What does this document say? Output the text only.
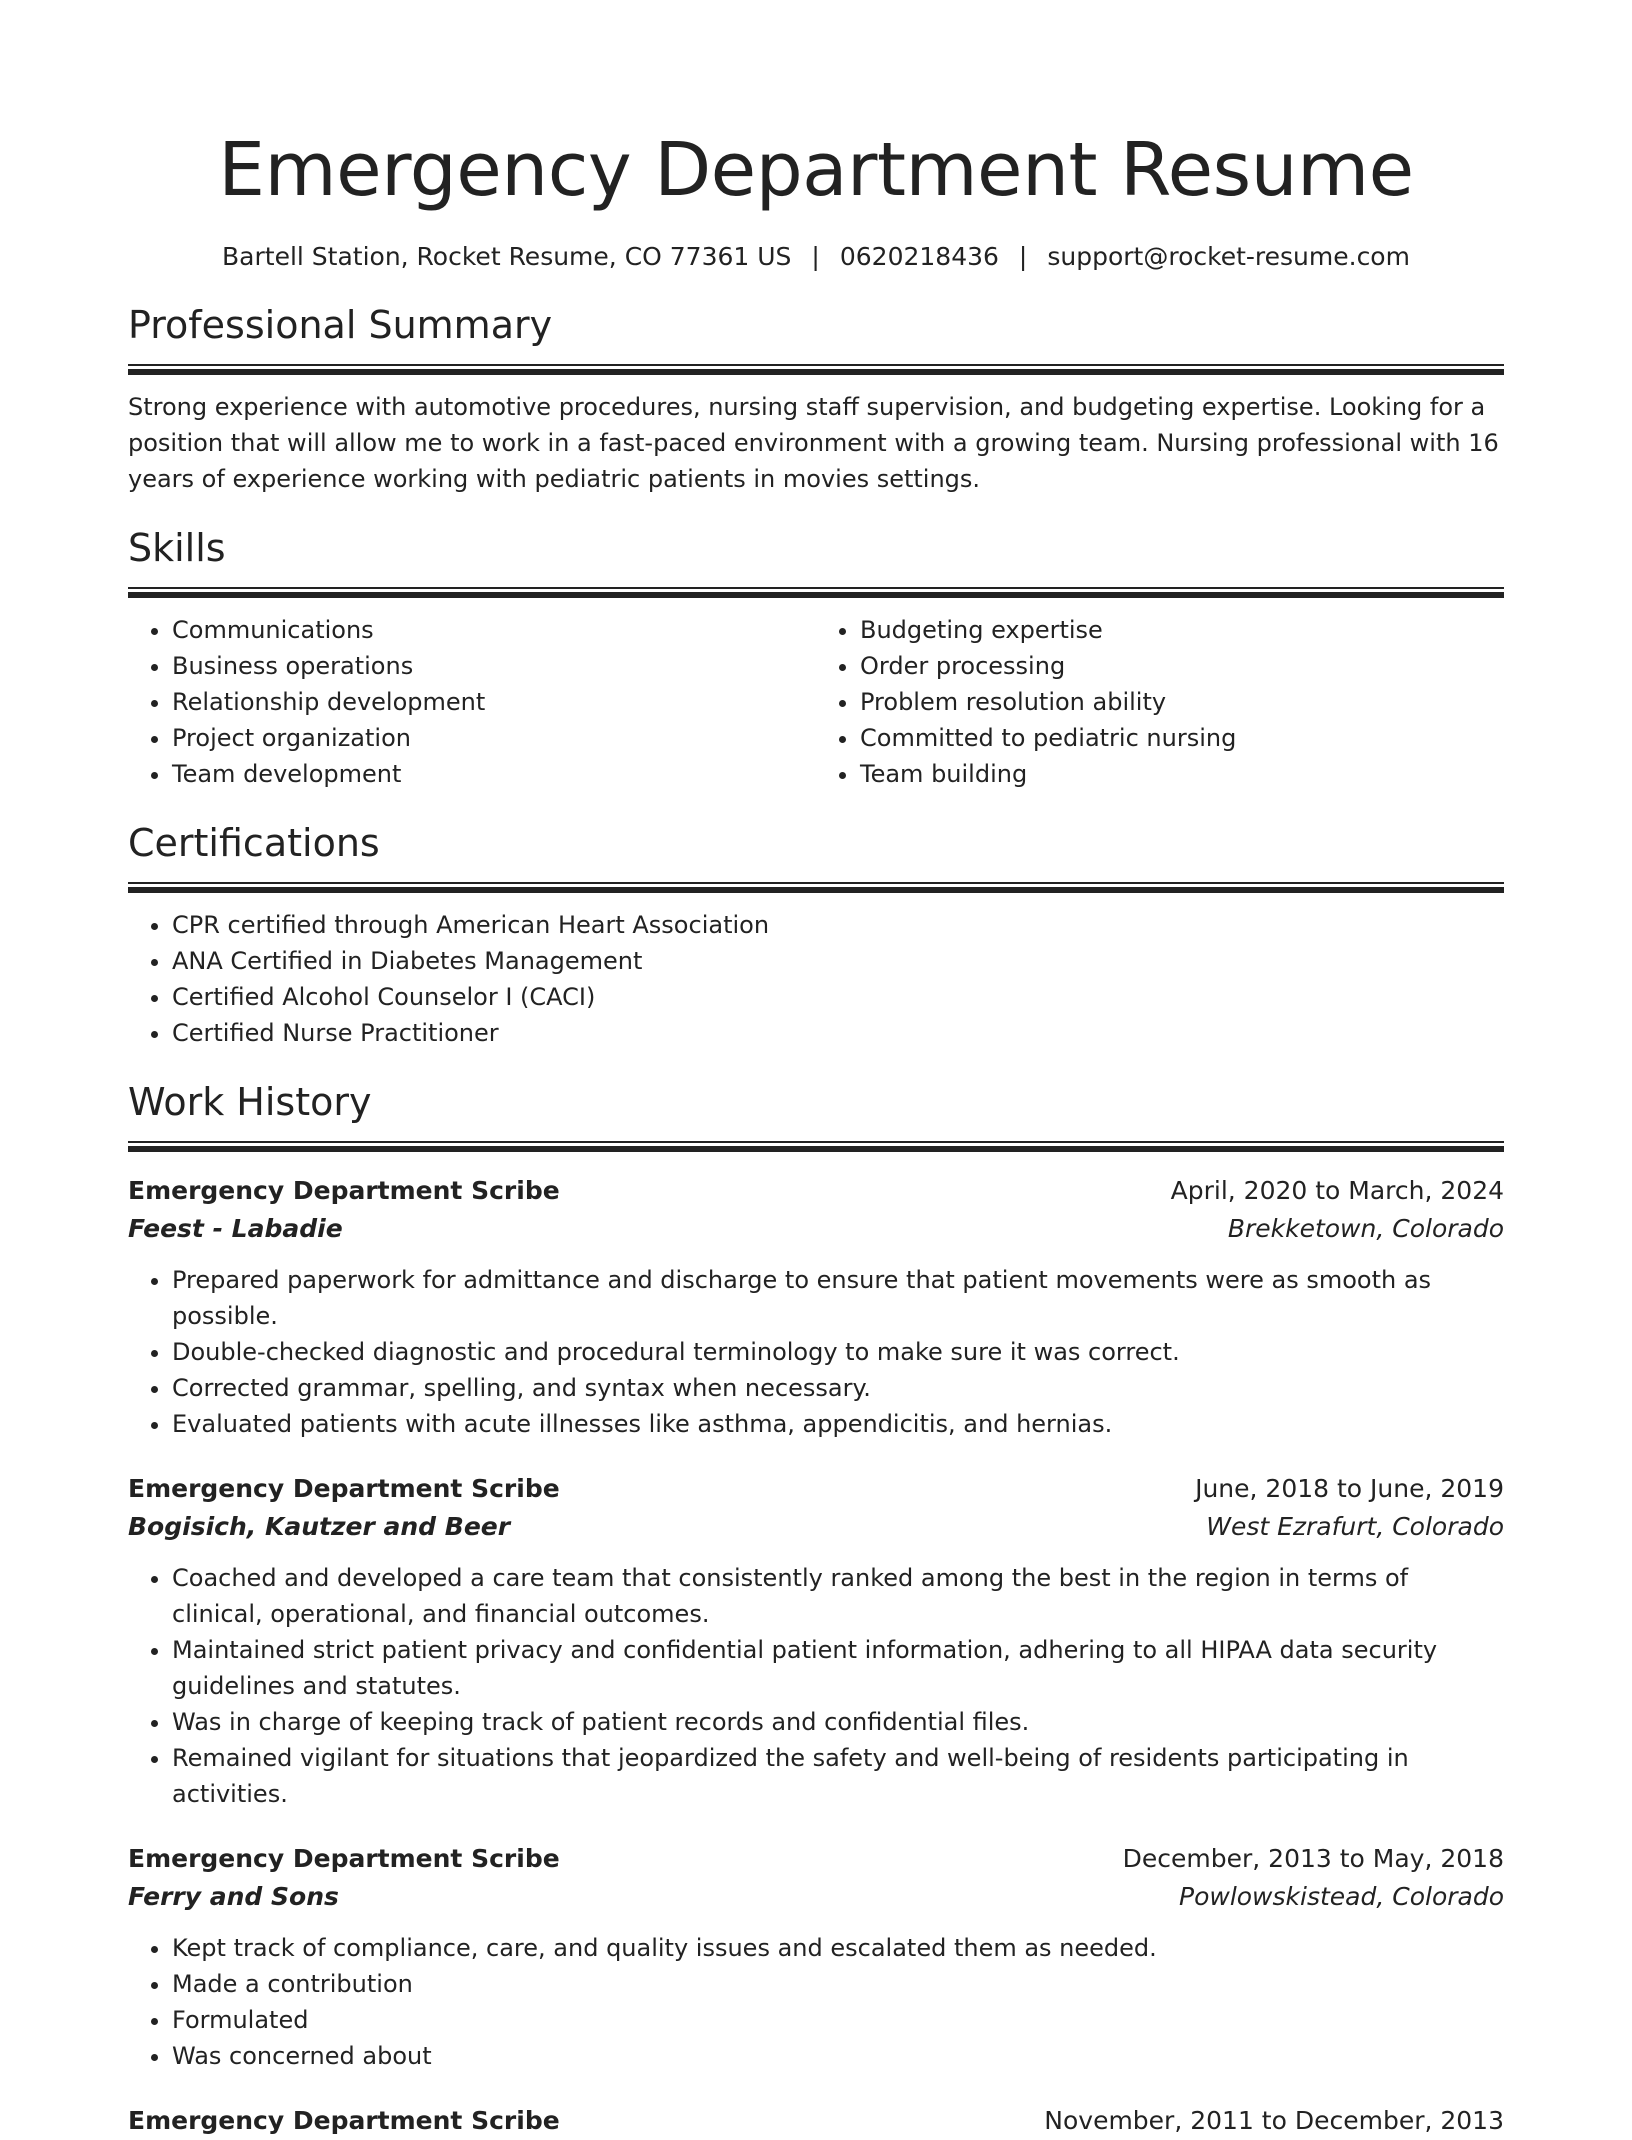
Emergency Department Resume
Bartell Station, Rocket Resume, CO 77361 US | 0620218436 | support@rocket-resume.com
Professional Summary

Strong experience with automotive procedures, nursing staff supervision, and budgeting expertise. Looking for a position that will allow me to work in a fast-paced environment with a growing team. Nursing professional with 16 years of experience working with pediatric patients in movies settings.

Skills
• Communications
• Business operations
• Relationship development
• Project organization
• Team development
• Budgeting expertise
• Order processing
• Problem resolution ability
• Committed to pediatric nursing
• Team building
Certifications
• CPR certified through American Heart Association
• ANA Certified in Diabetes Management
• Certified Alcohol Counselor I (CACI)
• Certified Nurse Practitioner
Work History
Emergency Department Scribe	April, 2020 to March, 2024
Feest - Labadie	Brekketown, Colorado
• Prepared paperwork for admittance and discharge to ensure that patient movements were as smooth as possible.
• Double-checked diagnostic and procedural terminology to make sure it was correct.
• Corrected grammar, spelling, and syntax when necessary.
• Evaluated patients with acute illnesses like asthma, appendicitis, and hernias.
Emergency Department Scribe	June, 2018 to June, 2019
Bogisich, Kautzer and Beer	West Ezrafurt, Colorado
• Coached and developed a care team that consistently ranked among the best in the region in terms of clinical, operational, and financial outcomes.
• Maintained strict patient privacy and confidential patient information, adhering to all HIPAA data security guidelines and statutes.
• Was in charge of keeping track of patient records and confidential files.
• Remained vigilant for situations that jeopardized the safety and well-being of residents participating in activities.
Emergency Department Scribe	December, 2013 to May, 2018
Ferry and Sons	Powlowskistead, Colorado
• Kept track of compliance, care, and quality issues and escalated them as needed.
• Made a contribution
• Formulated
• Was concerned about
Emergency Department Scribe	November, 2011 to December, 2013
